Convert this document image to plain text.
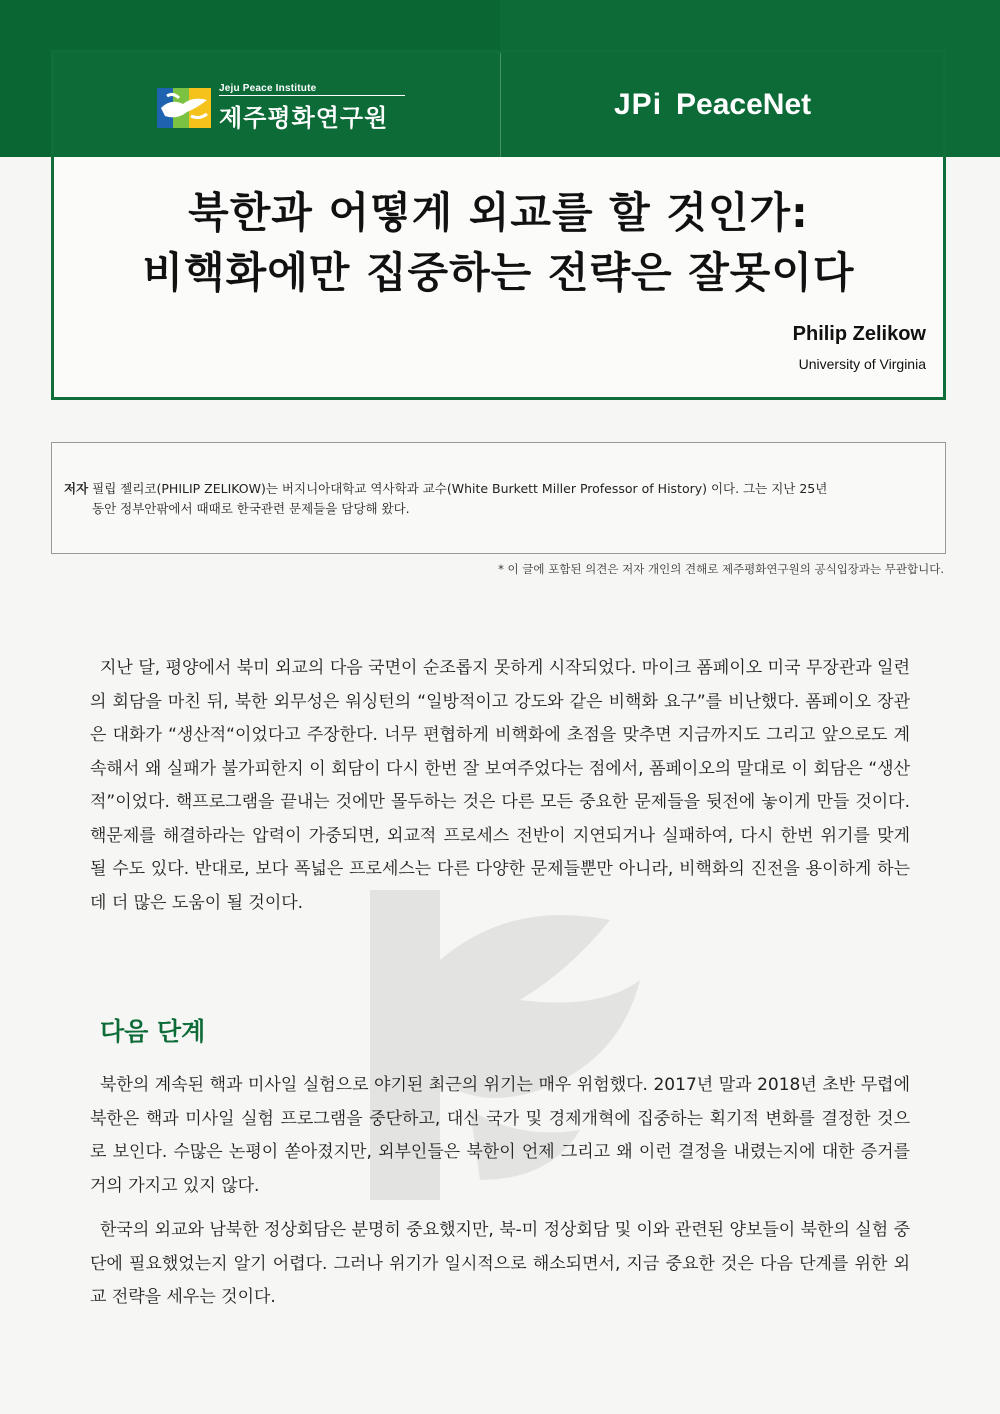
Jeju Peace Institute
제주평화연구원	JPi PeaceNet
북한과 어떻게 외교를 할 것인가:
비핵화에만 집중하는 전략은 잘못이다
Philip Zelikow
University of Virginia
저자 필립 젤리코(PHILIP ZELIKOW)는 버지니아대학교 역사학과 교수(White Burkett Miller Professor of History) 이다. 그는 지난 25년
동안 정부안팎에서 때때로 한국관련 문제들을 담당해 왔다.
* 이 글에 포함된 의견은 저자 개인의 견해로 제주평화연구원의 공식입장과는 무관합니다.
지난 달, 평양에서 북미 외교의 다음 국면이 순조롭지 못하게 시작되었다. 마이크 폼페이오 미국 무장관과 일련의 회담을 마친 뒤, 북한 외무성은 워싱턴의 “일방적이고 강도와 같은 비핵화 요구”를 비난했다. 폼페이오 장관은 대화가 “생산적“이었다고 주장한다. 너무 편협하게 비핵화에 초점을 맞추면 지금까지도 그리고 앞으로도 계속해서 왜 실패가 불가피한지 이 회담이 다시 한번 잘 보여주었다는 점에서, 폼페이오의 말대로 이 회담은 “생산적”이었다. 핵프로그램을 끝내는 것에만 몰두하는 것은 다른 모든 중요한 문제들을 뒷전에 놓이게 만들 것이다. 핵문제를 해결하라는 압력이 가중되면, 외교적 프로세스 전반이 지연되거나 실패하여, 다시 한번 위기를 맞게 될 수도 있다. 반대로, 보다 폭넓은 프로세스는 다른 다양한 문제들뿐만 아니라, 비핵화의 진전을 용이하게 하는데 더 많은 도움이 될 것이다.
다음 단계
북한의 계속된 핵과 미사일 실험으로 야기된 최근의 위기는 매우 위험했다. 2017년 말과 2018년 초반 무렵에 북한은 핵과 미사일 실험 프로그램을 중단하고, 대신 국가 및 경제개혁에 집중하는 획기적 변화를 결정한 것으로 보인다. 수많은 논평이 쏟아졌지만, 외부인들은 북한이 언제 그리고 왜 이런 결정을 내렸는지에 대한 증거를 거의 가지고 있지 않다.
한국의 외교와 남북한 정상회담은 분명히 중요했지만, 북-미 정상회담 및 이와 관련된 양보들이 북한의 실험 중단에 필요했었는지 알기 어렵다. 그러나 위기가 일시적으로 해소되면서, 지금 중요한 것은 다음 단계를 위한 외교 전략을 세우는 것이다.
